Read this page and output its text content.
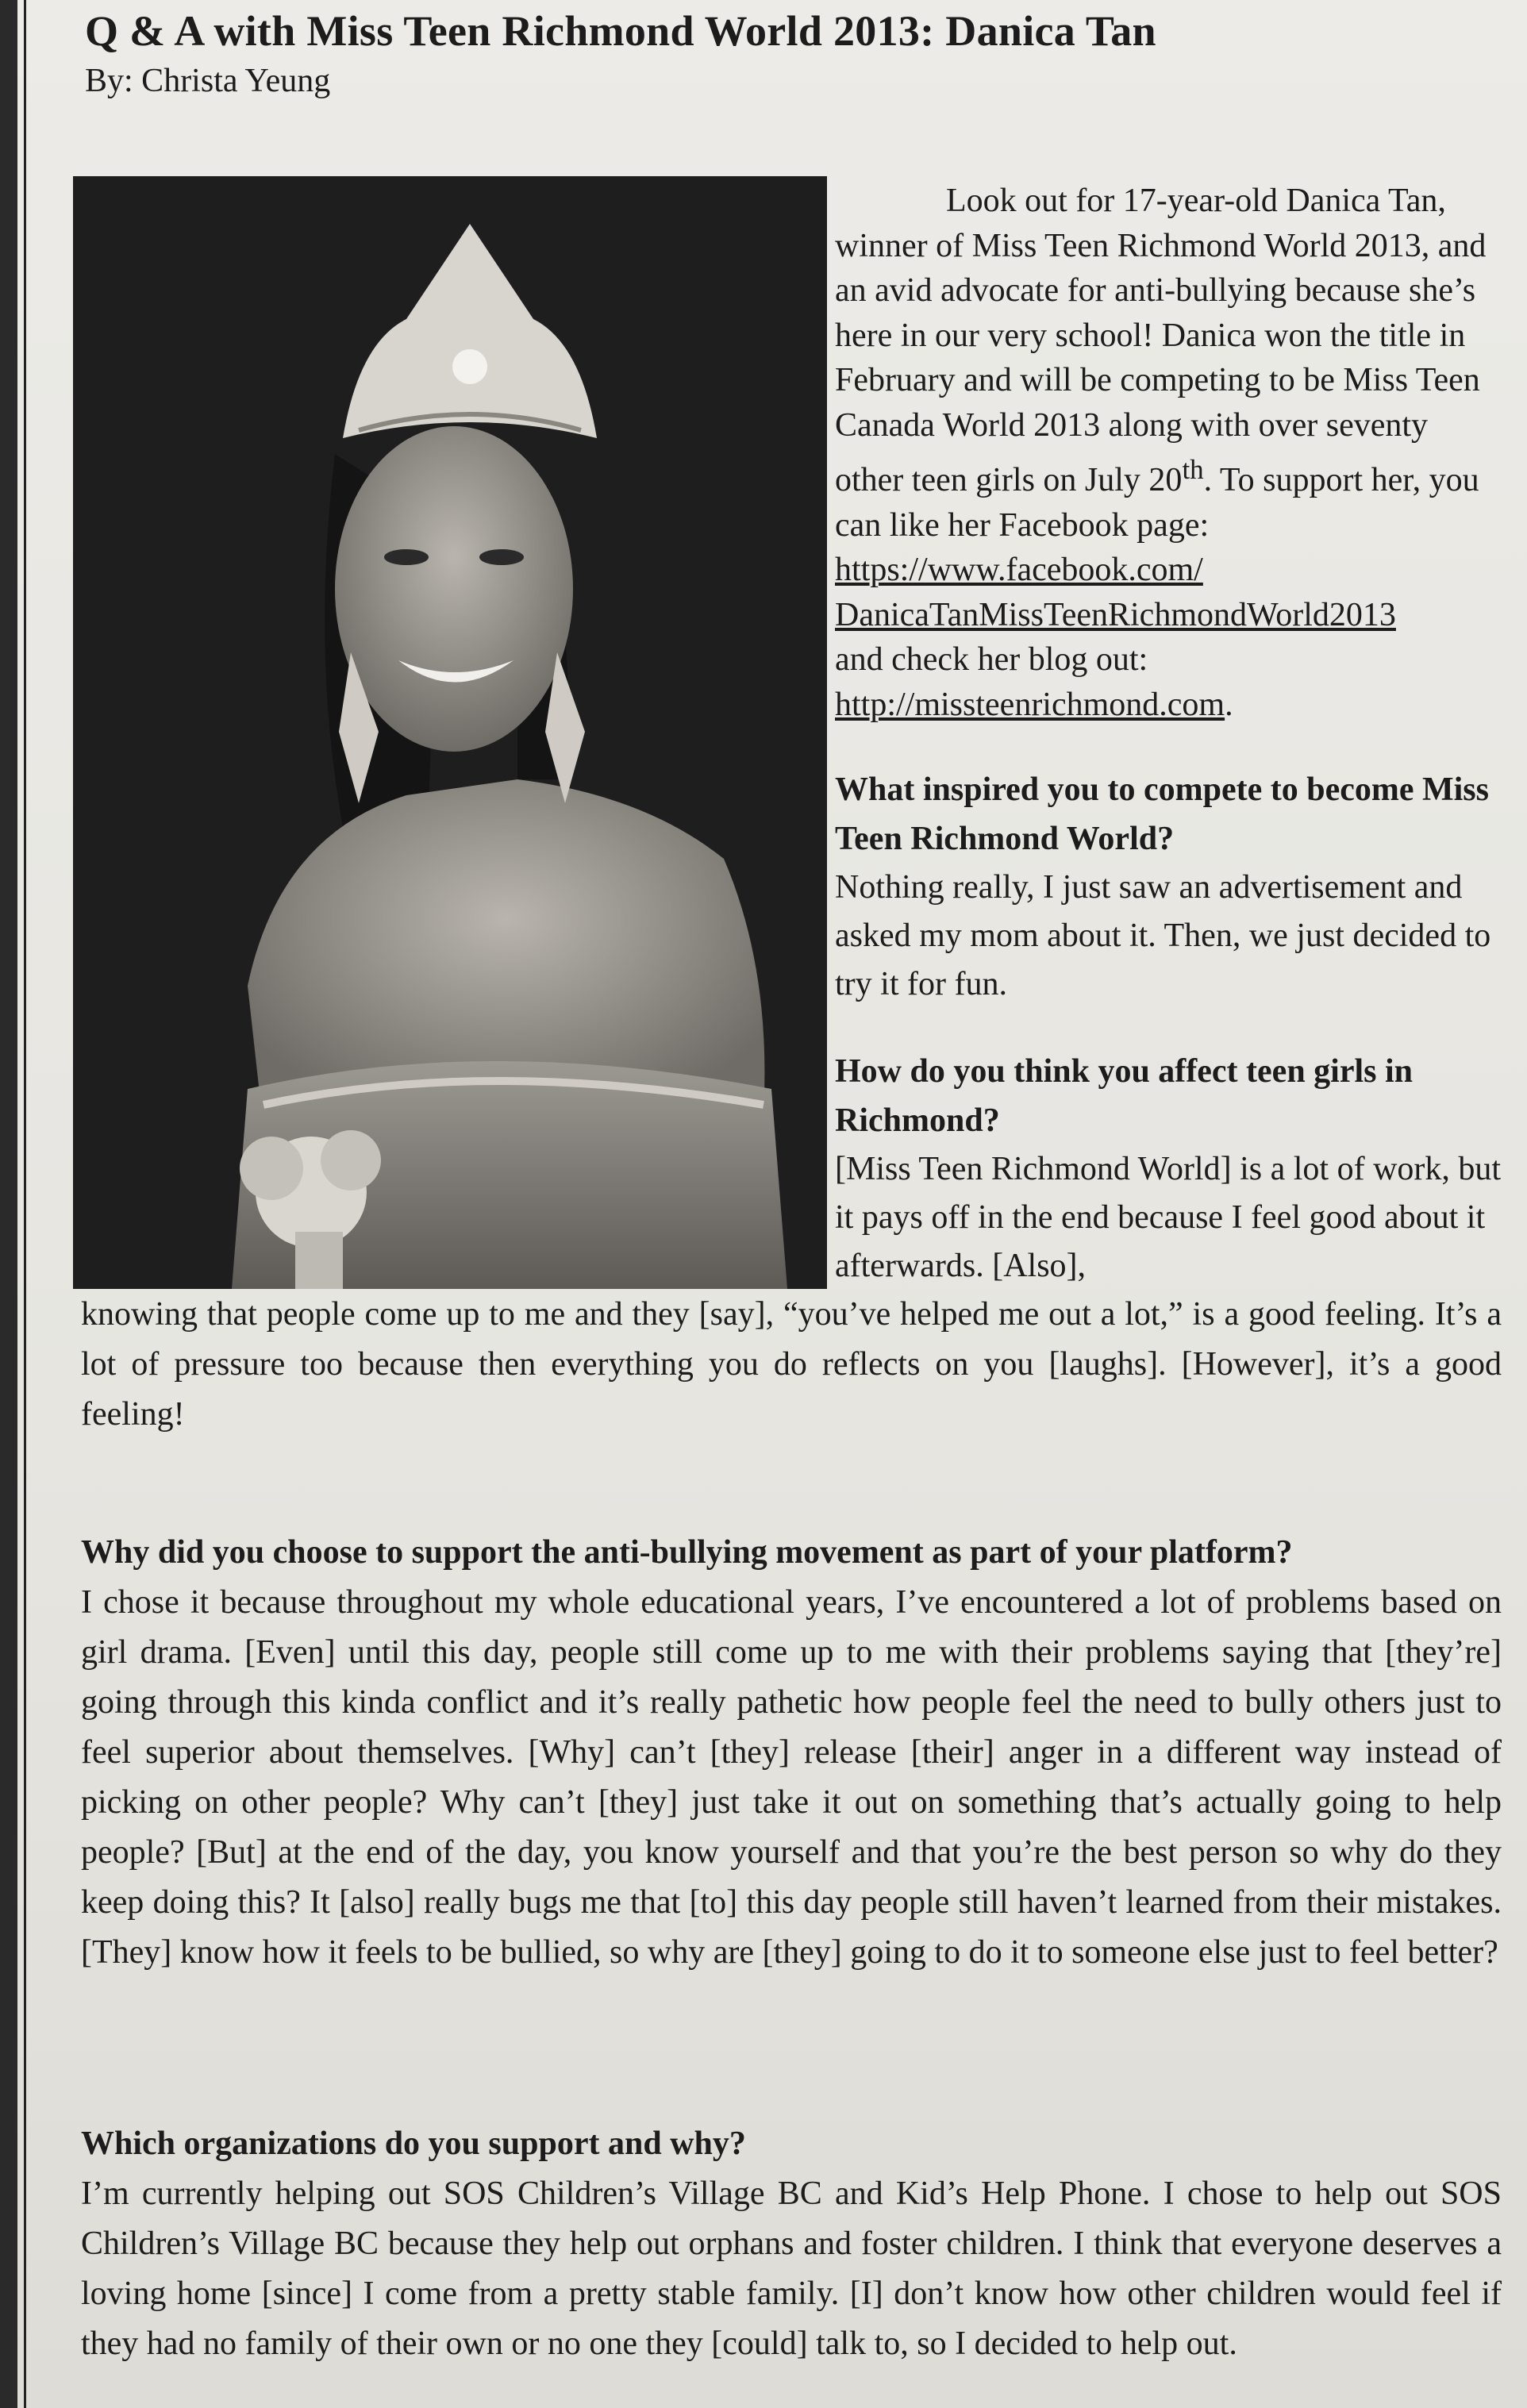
Q & A with Miss Teen Richmond World 2013: Danica Tan

By: Christa Yeung

Look out for 17-year-old Danica Tan, winner of Miss Teen Richmond World 2013, and an avid advocate for anti-bullying because she’s here in our very school! Danica won the title in February and will be competing to be Miss Teen Canada World 2013 along with over seventy other teen girls on July 20th. To support her, you can like her Facebook page: https://www.facebook.com/
DanicaTanMissTeenRichmondWorld2013
and check her blog out:
http://missteenrichmond.com.

What inspired you to compete to become Miss Teen Richmond World?

Nothing really, I just saw an advertisement and asked my mom about it. Then, we just decided to try it for fun.

How do you think you affect teen girls in Richmond?

[Miss Teen Richmond World] is a lot of work, but it pays off in the end because I feel good about it afterwards. [Also],

knowing that people come up to me and they [say], “you’ve helped me out a lot,” is a good feeling. It’s a lot of pressure too because then everything you do reflects on you [laughs]. [However], it’s a good feeling!

Why did you choose to support the anti-bullying movement as part of your platform?

I chose it because throughout my whole educational years, I’ve encountered a lot of problems based on girl drama. [Even] until this day, people still come up to me with their problems saying that [they’re] going through this kinda conflict and it’s really pathetic how people feel the need to bully others just to feel superior about themselves. [Why] can’t [they] release [their] anger in a different way instead of picking on other people? Why can’t [they] just take it out on something that’s actually going to help people? [But] at the end of the day, you know yourself and that you’re the best person so why do they keep doing this? It [also] really bugs me that [to] this day people still haven’t learned from their mistakes. [They] know how it feels to be bullied, so why are [they] going to do it to someone else just to feel better?

Which organizations do you support and why?

I’m currently helping out SOS Children’s Village BC and Kid’s Help Phone. I chose to help out SOS Children’s Village BC because they help out orphans and foster children. I think that everyone deserves a loving home [since] I come from a pretty stable family. [I] don’t know how other children would feel if they had no family of their own or no one they [could] talk to, so I decided to help out.
